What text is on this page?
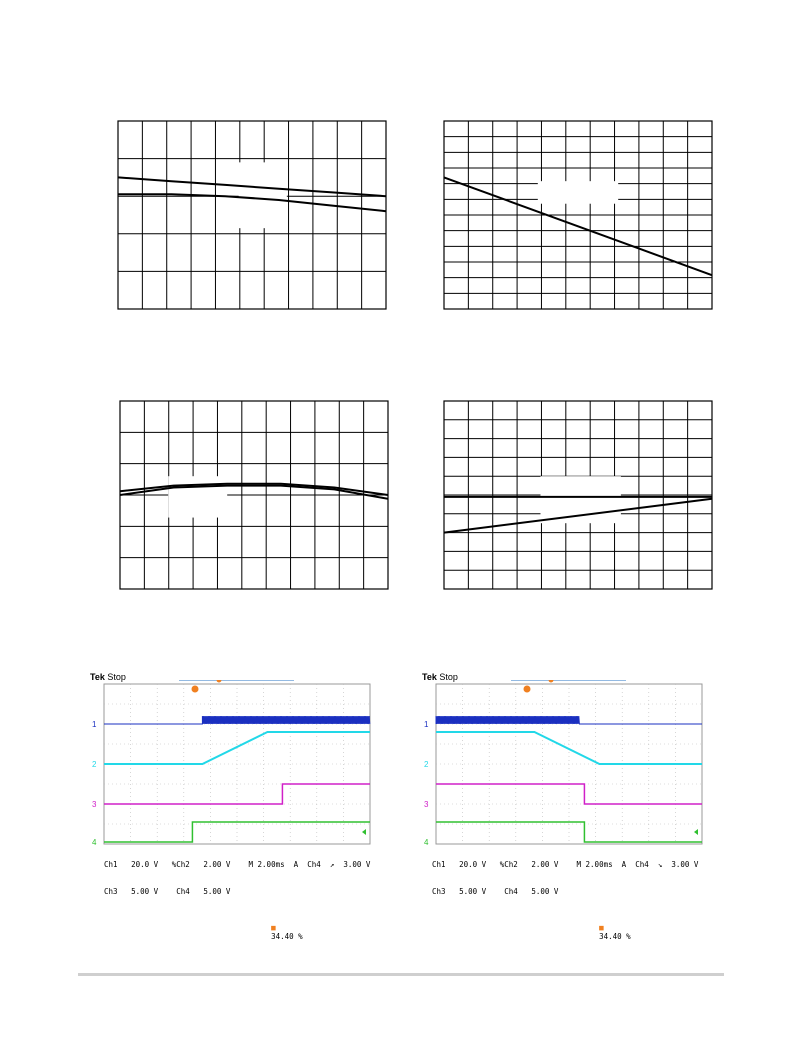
Tek Stop
1
2
3
4

Ch1   20.0 V   %Ch2   2.00 V    M 2.00ms  A  Ch4  ↗  3.00 V

Ch3   5.00 V    Ch4   5.00 V

■
34.40 %

Tek Stop
1
2
3
4

Ch1   20.0 V   %Ch2   2.00 V    M 2.00ms  A  Ch4  ↘  3.00 V

Ch3   5.00 V    Ch4   5.00 V

■
34.40 %
